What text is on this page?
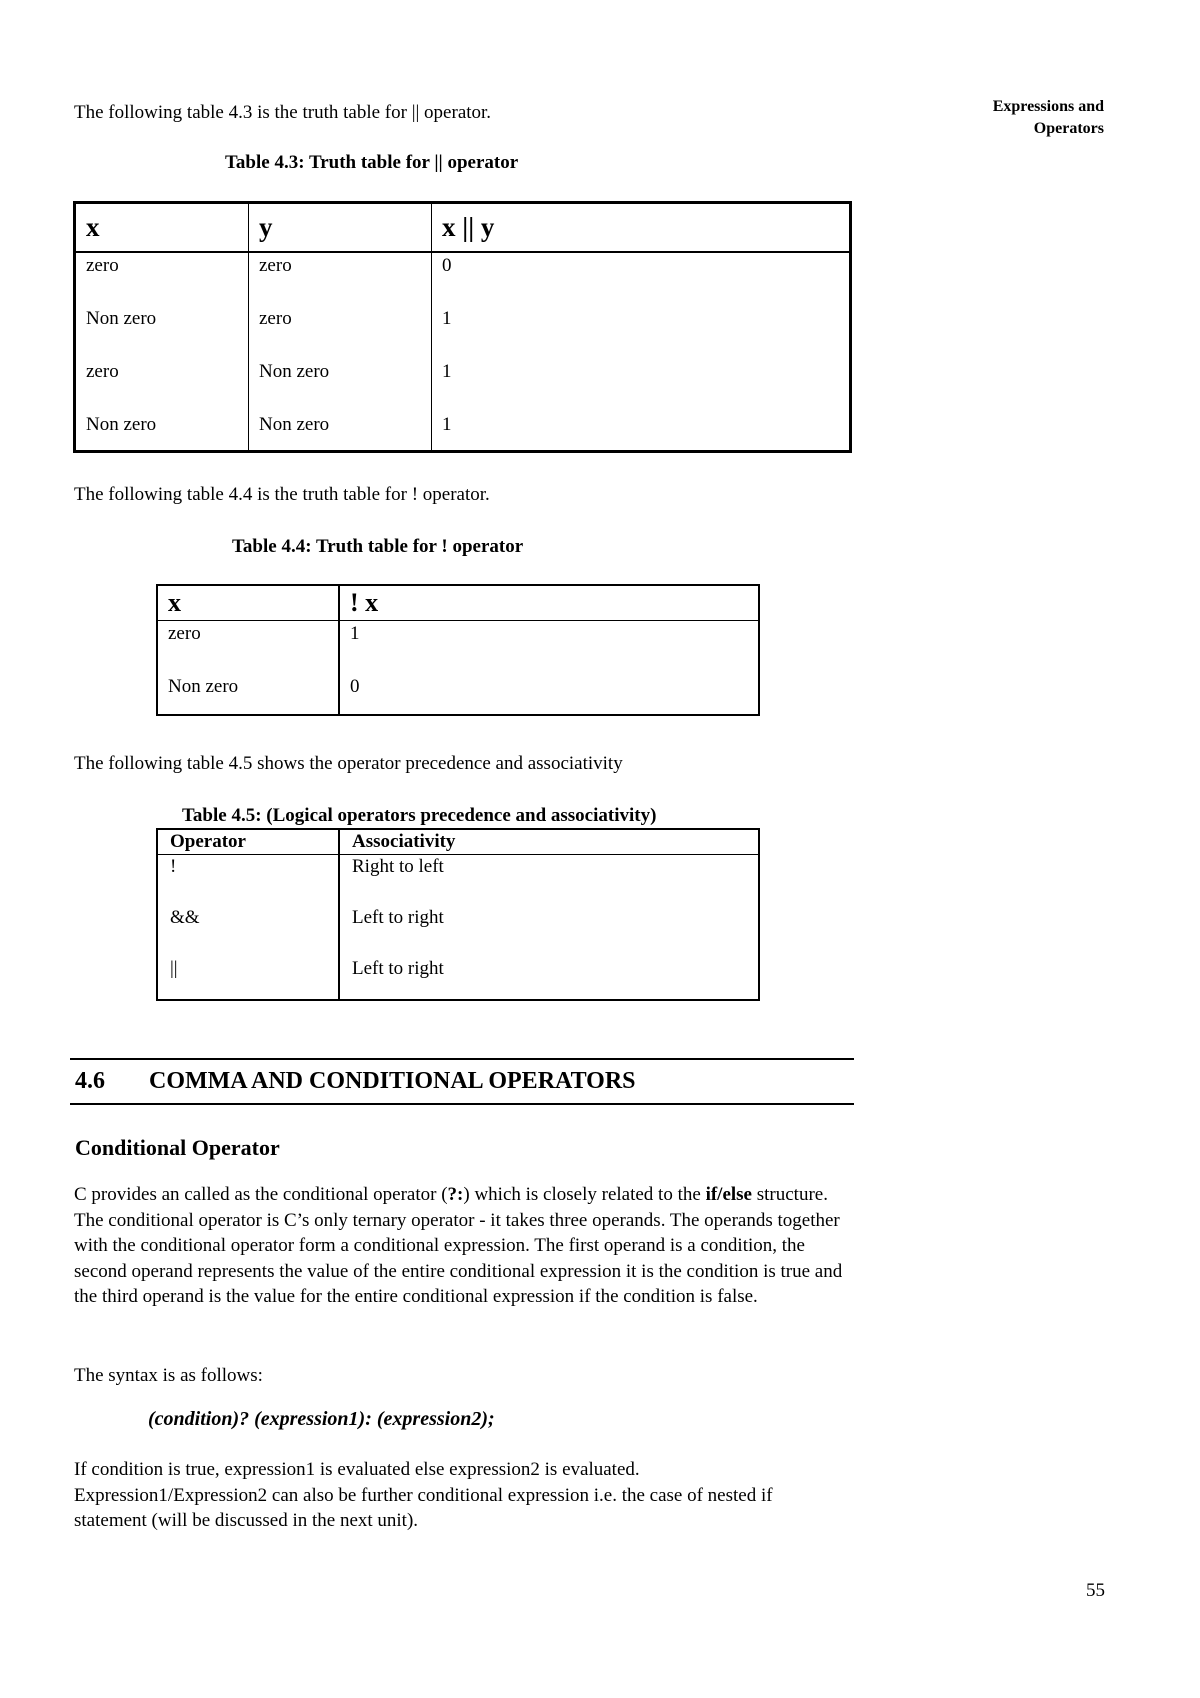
Expressions and
Operators
The following table 4.3 is the truth table for || operator.
Table 4.3: Truth table for || operator
x	y	x || y
zero	zero	0
Non zero	zero	1
zero	Non zero	1
Non zero	Non zero	1
The following table 4.4 is the truth table for ! operator.
Table 4.4: Truth table for ! operator
x	! x
zero	1
Non zero	0
The following table 4.5 shows the operator precedence and associativity
Table 4.5: (Logical operators precedence and associativity)
Operator	Associativity
!	Right to left
&&	Left to right
||	Left to right
4.6 COMMA AND CONDITIONAL OPERATORS
Conditional Operator
C provides an called as the conditional operator (?:) which is closely related to the if/else structure. The conditional operator is C’s only ternary operator - it takes three operands. The operands together with the conditional operator form a conditional expression. The first operand is a condition, the second operand represents the value of the entire conditional expression it is the condition is true and the third operand is the value for the entire conditional expression if the condition is false.
The syntax is as follows:
(condition)? (expression1): (expression2);
If condition is true, expression1 is evaluated else expression2 is evaluated. Expression1/Expression2 can also be further conditional expression i.e. the case of nested if statement (will be discussed in the next unit).
55
